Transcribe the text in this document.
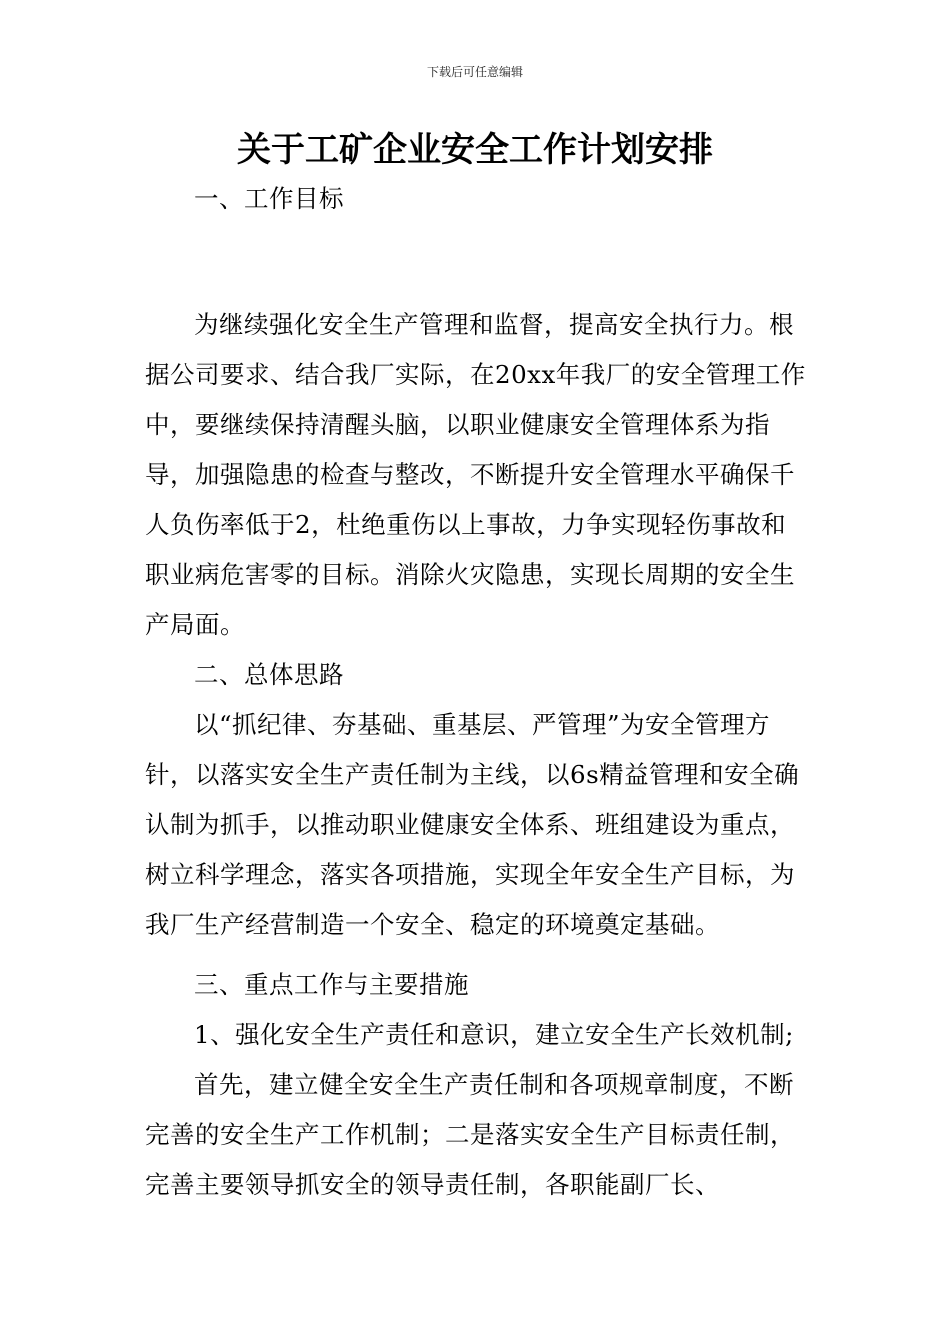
下载后可任意编辑
关于工矿企业安全工作计划安排

一、工作目标

为继续强化安全生产管理和监督，提高安全执行力。根据公司要求、结合我厂实际，在20xx年我厂的安全管理工作中，要继续保持清醒头脑，以职业健康安全管理体系为指导，加强隐患的检查与整改，不断提升安全管理水平确保千人负伤率低于2，杜绝重伤以上事故，力争实现轻伤事故和职业病危害零的目标。消除火灾隐患，实现长周期的安全生产局面。

二、总体思路

以“抓纪律、夯基础、重基层、严管理”为安全管理方针，以落实安全生产责任制为主线，以6s精益管理和安全确认制为抓手，以推动职业健康安全体系、班组建设为重点，树立科学理念，落实各项措施，实现全年安全生产目标，为我厂生产经营制造一个安全、稳定的环境奠定基础。

三、重点工作与主要措施

1、强化安全生产责任和意识，建立安全生产长效机制;

首先，建立健全安全生产责任制和各项规章制度，不断完善的安全生产工作机制；二是落实安全生产目标责任制，完善主要领导抓安全的领导责任制，各职能副厂长、
